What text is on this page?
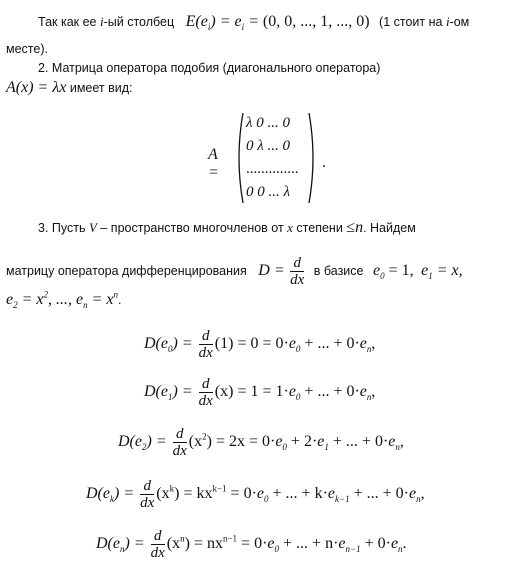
Так как ее i-ый столбец $E(e_i) = e_i = (0$, 0, ..., 1, ..., 0) (1 стоит на i-ом
месте).
2. Матрица оператора подобия (диагонального оператора)
A(x) = λx имеет вид:
A =
λ 0 ... 0
0 λ ... 0
..............
0 0 ... λ
.
3. Пусть V – пространство многочленов от x степени ≤n. Найдем
матрицу оператора дифференцирования $D = \frac{d}{dx}$ в базисе $e_0 = 1$, $e_1 = x$,
$e_2 = x^2$, ..., $e_n = x^n$.
$D(e_0) = \frac{d}{dx} (1) = 0 = 0\cdot e_0$ + ... + $0\cdot e_n$,
$D(e_1) = \frac{d}{dx} (x) = 1 = 1\cdot e_0$ + ... + $0\cdot e_n$,
$D(e_2) = \frac{d}{dx} (x^2) = 2x = 0\cdot e_0 + 2\cdot e_1$ + ... + $0\cdot e_n$,
$D(e_k) = \frac{d}{dx} (x^k) = kx^{k-1} = 0\cdot e_0$ + ... + $k\cdot e_{k-1}$ + ... + $0\cdot e_n$,
$D(e_n) = \frac{d}{dx} (x^n) = nx^{n-1} = 0\cdot e_0$ + ... + $n\cdot e_{n-1} + 0\cdot e_n$.
